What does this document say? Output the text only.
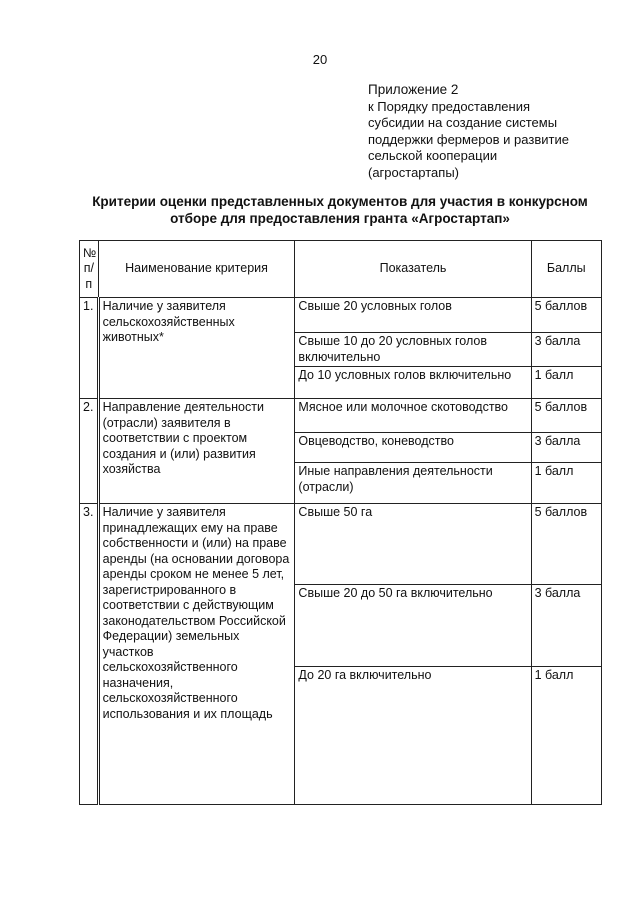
20
Приложение 2
к Порядку предоставления
субсидии на создание системы
поддержки фермеров и развитие
сельской кооперации
(агростартапы)
Критерии оценки представленных документов для участия в конкурсном
отборе для предоставления гранта «Агростартап»
№
п/п	Наименование критерия	Показатель	Баллы
1.	Наличие у заявителя сельскохозяйственных животных*	Свыше 20 условных голов	5 баллов
		Свыше 10 до 20 условных голов включительно	3 балла
		До 10 условных голов включительно	1 балл
2.	Направление деятельности (отрасли) заявителя в соответствии с проектом создания и (или) развития хозяйства	Мясное или молочное скотоводство	5 баллов
		Овцеводство, коневодство	3 балла
		Иные направления деятельности (отрасли)	1 балл
3.	Наличие у заявителя принадлежащих ему на праве собственности и (или) на праве аренды (на основании договора аренды сроком не менее 5 лет, зарегистрированного в соответствии с действующим законодательством Российской Федерации) земельных участков сельскохозяйственного назначения, сельскохозяйственного использования и их площадь	Свыше 50 га	5 баллов
		Свыше 20 до 50 га включительно	3 балла
		До 20 га включительно	1 балл
